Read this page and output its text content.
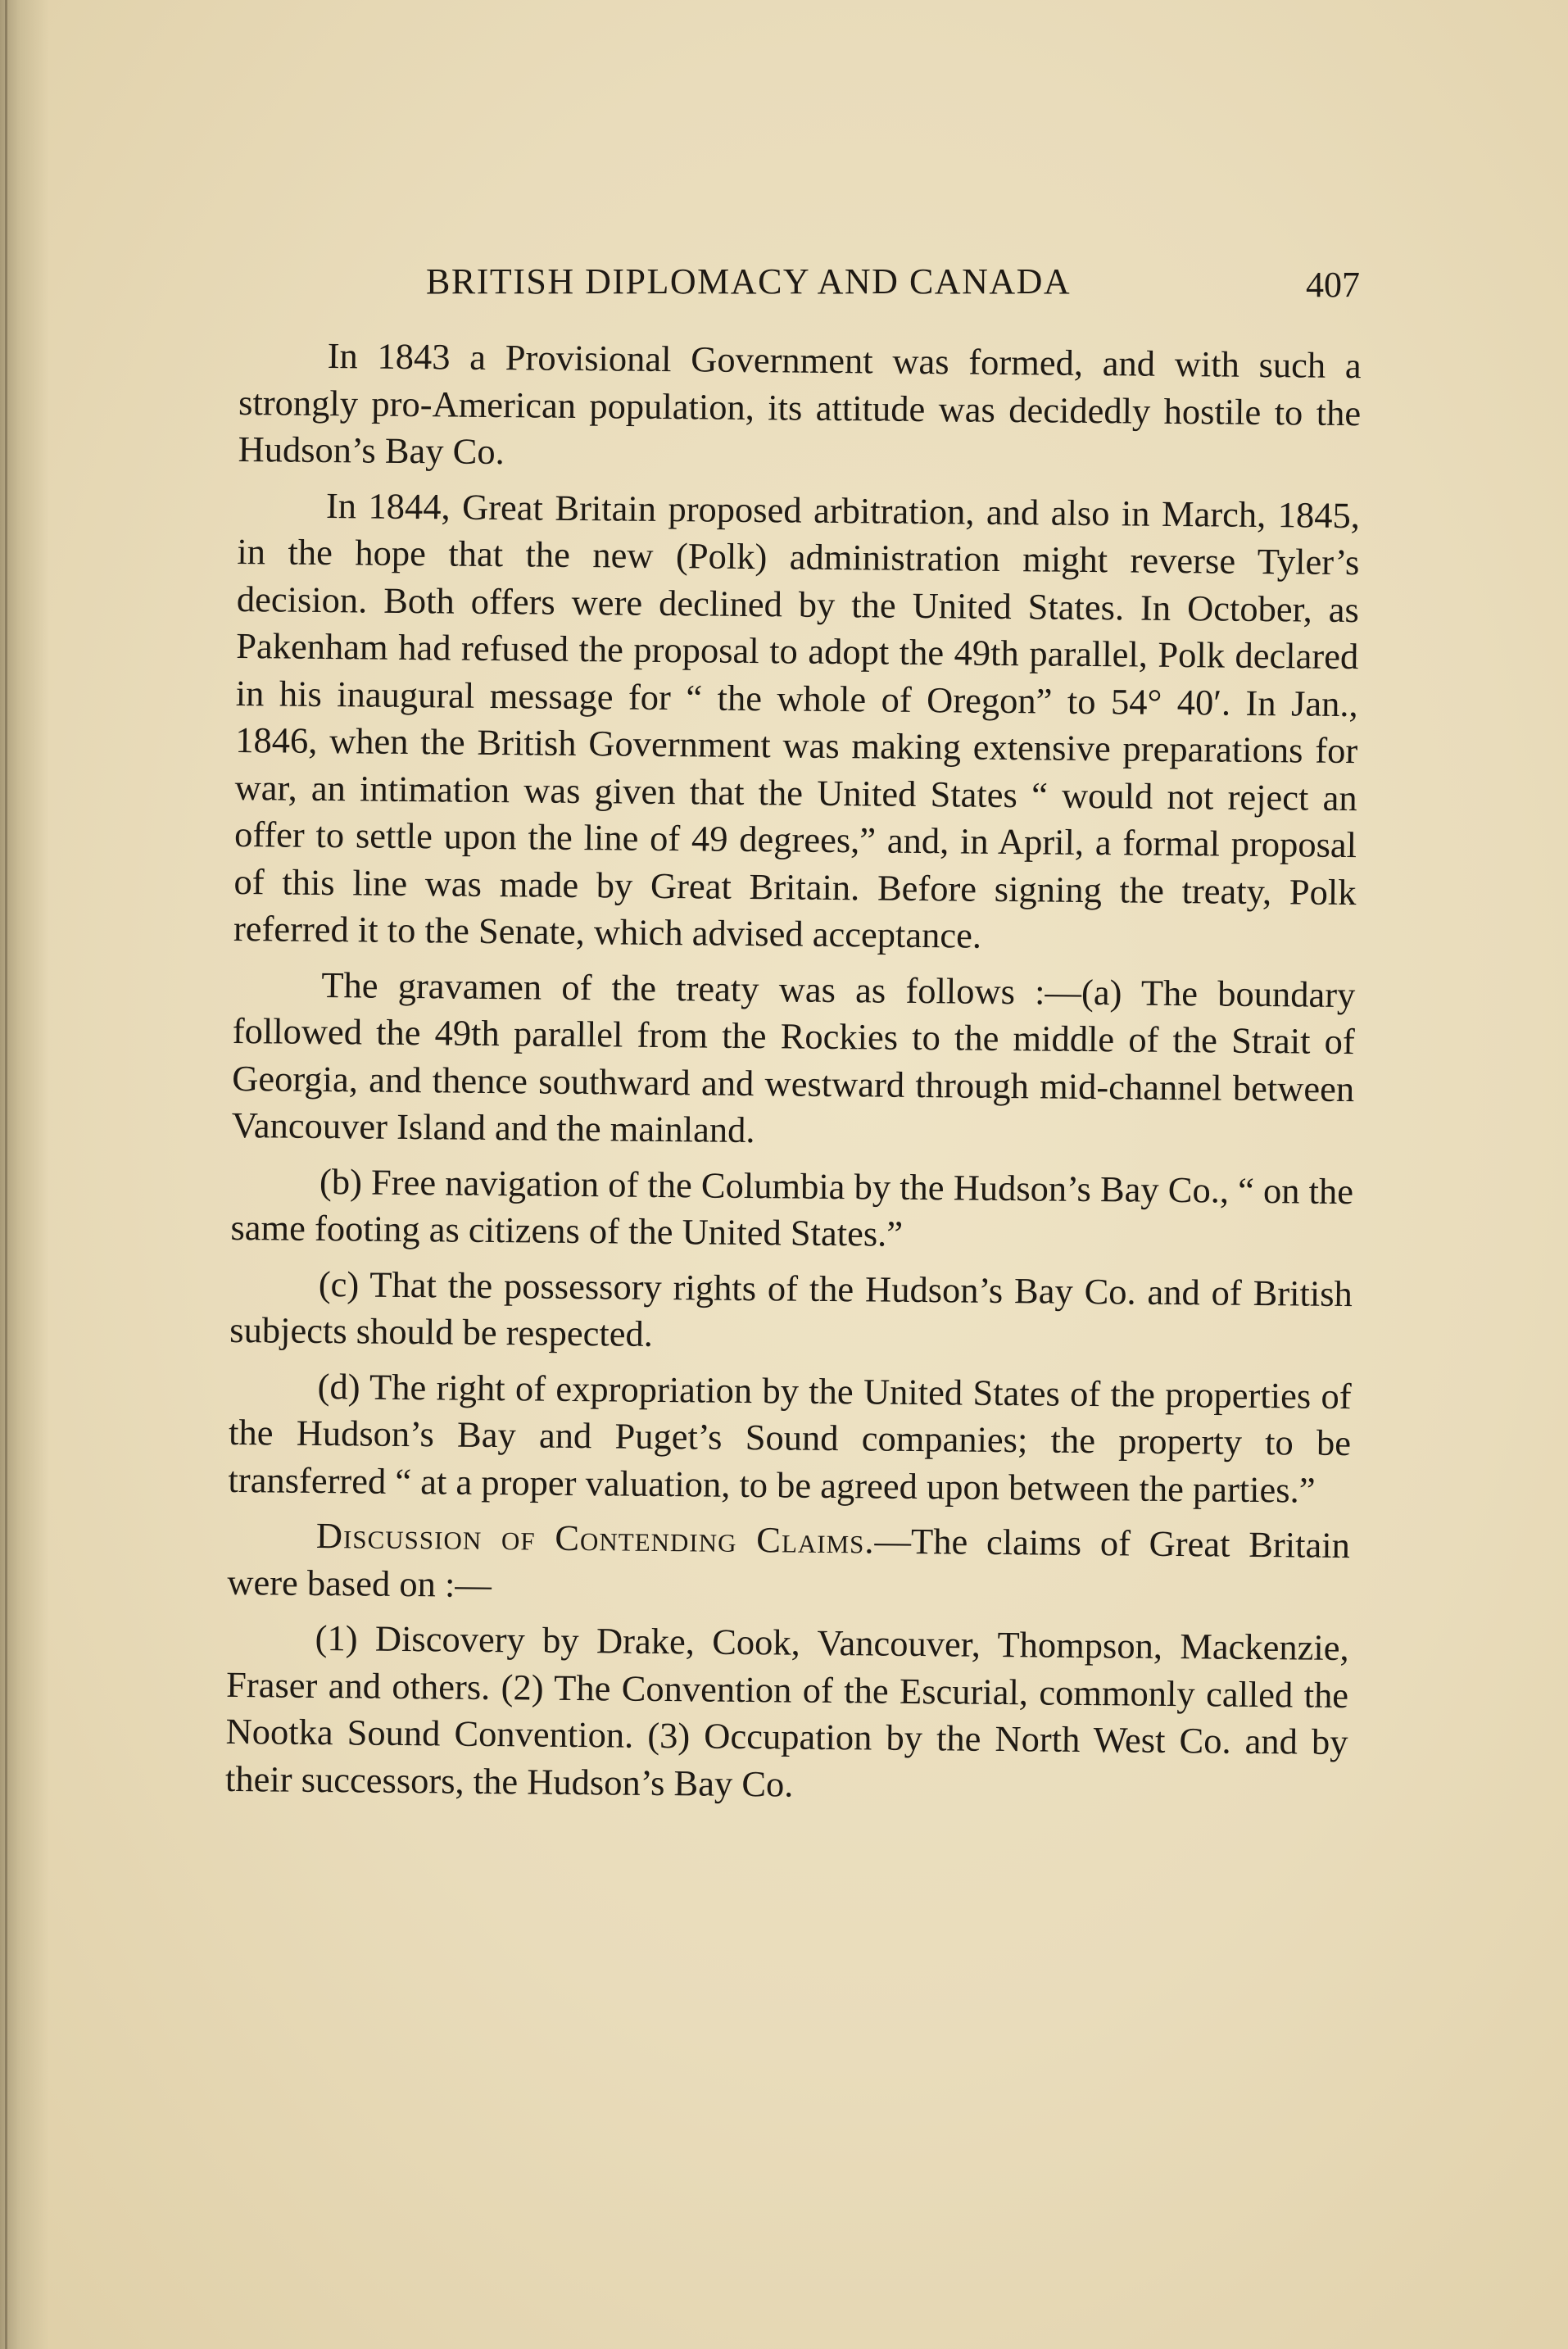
BRITISH DIPLOMACY AND CANADA	407

In 1843 a Provisional Government was formed, and with such a strongly pro-American population, its attitude was decidedly hostile to the Hudson’s Bay Co.

In 1844, Great Britain proposed arbitration, and also in March, 1845, in the hope that the new (Polk) administration might reverse Tyler’s decision. Both offers were declined by the United States. In October, as Pakenham had refused the proposal to adopt the 49th parallel, Polk declared in his inaugural message for “ the whole of Oregon” to 54° 40′. In Jan., 1846, when the British Government was making extensive preparations for war, an intimation was given that the United States “ would not reject an offer to settle upon the line of 49 degrees,” and, in April, a formal proposal of this line was made by Great Britain. Before signing the treaty, Polk referred it to the Senate, which advised acceptance.

The gravamen of the treaty was as follows :—(a) The boundary followed the 49th parallel from the Rockies to the middle of the Strait of Georgia, and thence southward and westward through mid-channel between Vancouver Island and the mainland.

(b) Free navigation of the Columbia by the Hudson’s Bay Co., “ on the same footing as citizens of the United States.”

(c) That the possessory rights of the Hudson’s Bay Co. and of British subjects should be respected.

(d) The right of expropriation by the United States of the properties of the Hudson’s Bay and Puget’s Sound companies; the property to be transferred “ at a proper valuation, to be agreed upon between the parties.”

Discussion of Contending Claims.—The claims of Great Britain were based on :—

(1) Discovery by Drake, Cook, Vancouver, Thompson, Mackenzie, Fraser and others. (2) The Convention of the Escurial, commonly called the Nootka Sound Convention. (3) Occupation by the North West Co. and by their successors, the Hudson’s Bay Co.
